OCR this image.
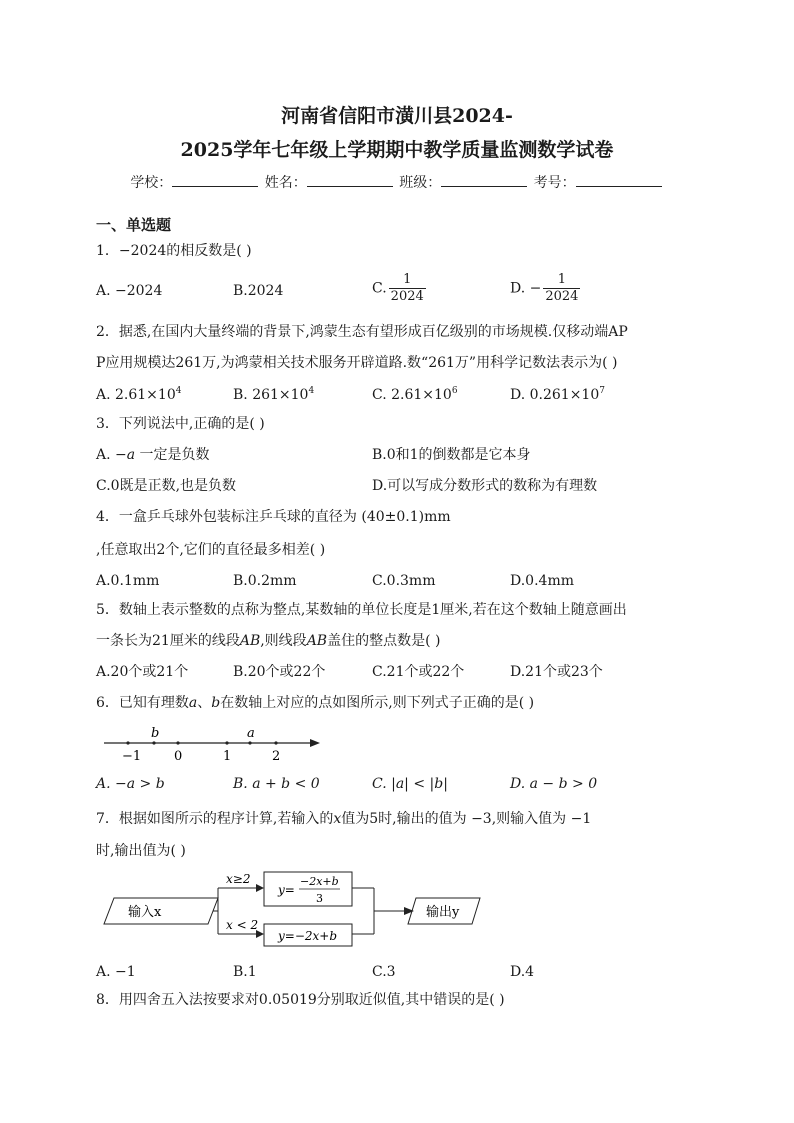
河南省信阳市潢川县2024-
2025学年七年级上学期期中教学质量监测数学试卷
学校：	姓名：	班级：	考号：
一、单选题
1．−2024的相反数是( )
A. −2024	B.2024	C. $\frac{1}{2024}$	D. − $\frac{1}{2024}$
2．据悉,在国内大量终端的背景下,鸿蒙生态有望形成百亿级别的市场规模.仅移动端AP
P应用规模达261万,为鸿蒙相关技术服务开辟道路.数“261万”用科学记数法表示为( )
A. $2.61\times 10^4$	B. $261\times 10^4$	C. $2.61\times 10^6$	D. $0.261\times 10^7$
3．下列说法中,正确的是( )
A. −a 一定是负数	B.0和1的倒数都是它本身
C.0既是正数,也是负数	D.可以写成分数形式的数称为有理数
4．一盒乒乓球外包装标注乒乓球的直径为 (40±0.1)mm
,任意取出2个,它们的直径最多相差( )
A.0.1mm	B.0.2mm	C.0.3mm	D.0.4mm
5．数轴上表示整数的点称为整点,某数轴的单位长度是1厘米,若在这个数轴上随意画出
一条长为21厘米的线段AB,则线段AB盖住的整点数是( )
A.20个或21个	B.20个或22个	C.21个或22个	D.21个或23个
6．已知有理数a、b在数轴上对应的点如图所示,则下列式子正确的是( )
−1	0	1	2
b	a
A. −a > b	B. a + b < 0	C. |a| < |b|	D. a − b > 0
7．根据如图所示的程序计算,若输入的x值为5时,输出的值为 −3,则输入值为 −1
时,输出值为( )
输入x
x≥2
x < 2
y=
−2x+b
3
y=−2x+b
输出y
A. −1	B.1	C.3	D.4
8．用四舍五入法按要求对0.05019分别取近似值,其中错误的是( )
